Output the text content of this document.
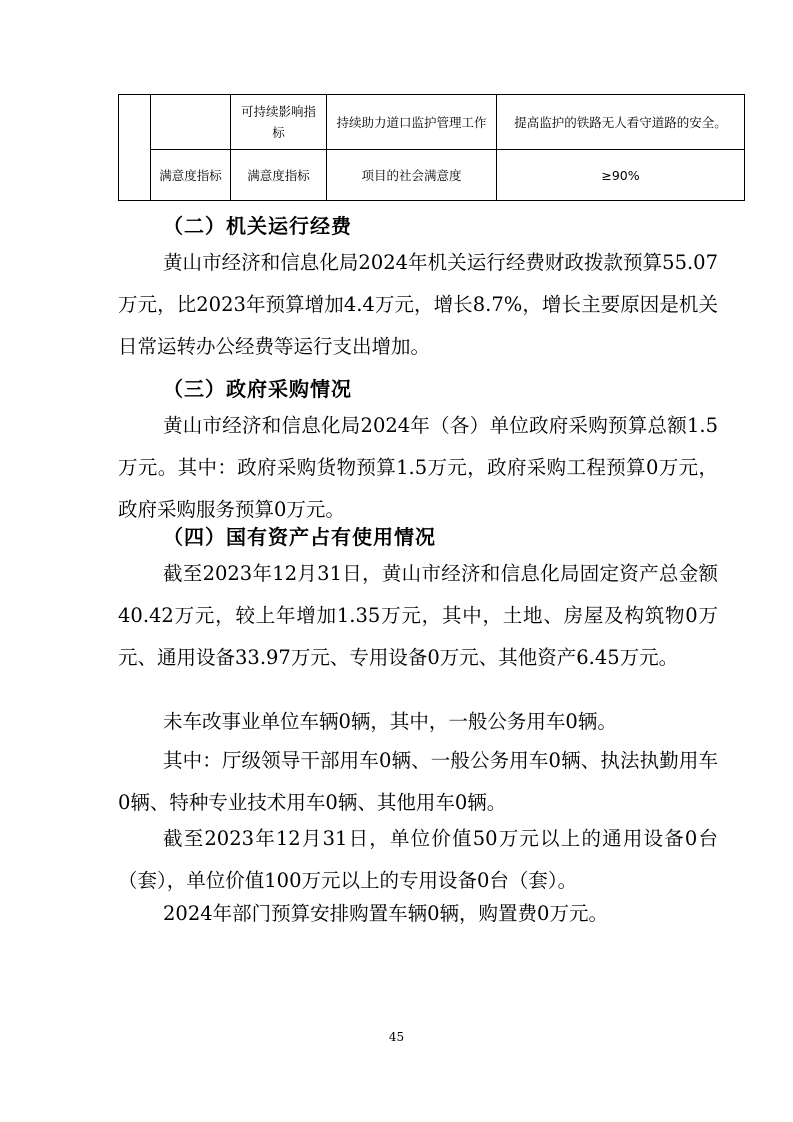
		可持续影响指标	持续助力道口监护管理工作	提高监护的铁路无人看守道路的安全。
	满意度指标	满意度指标	项目的社会满意度	≥90%
（二）机关运行经费
黄山市经济和信息化局2024年机关运行经费财政拨款预算55.07万元，比2023年预算增加4.4万元，增长8.7%，增长主要原因是机关日常运转办公经费等运行支出增加。
（三）政府采购情况
黄山市经济和信息化局2024年（各）单位政府采购预算总额1.5万元。其中：政府采购货物预算1.5万元，政府采购工程预算0万元，政府采购服务预算0万元。
（四）国有资产占有使用情况
截至2023年12月31日，黄山市经济和信息化局固定资产总金额40.42万元，较上年增加1.35万元，其中，土地、房屋及构筑物0万元、通用设备33.97万元、专用设备0万元、其他资产6.45万元。
未车改事业单位车辆0辆，其中，一般公务用车0辆。
其中：厅级领导干部用车0辆、一般公务用车0辆、执法执勤用车0辆、特种专业技术用车0辆、其他用车0辆。
截至2023年12月31日，单位价值50万元以上的通用设备0台（套），单位价值100万元以上的专用设备0台（套）。
2024年部门预算安排购置车辆0辆，购置费0万元。
45
